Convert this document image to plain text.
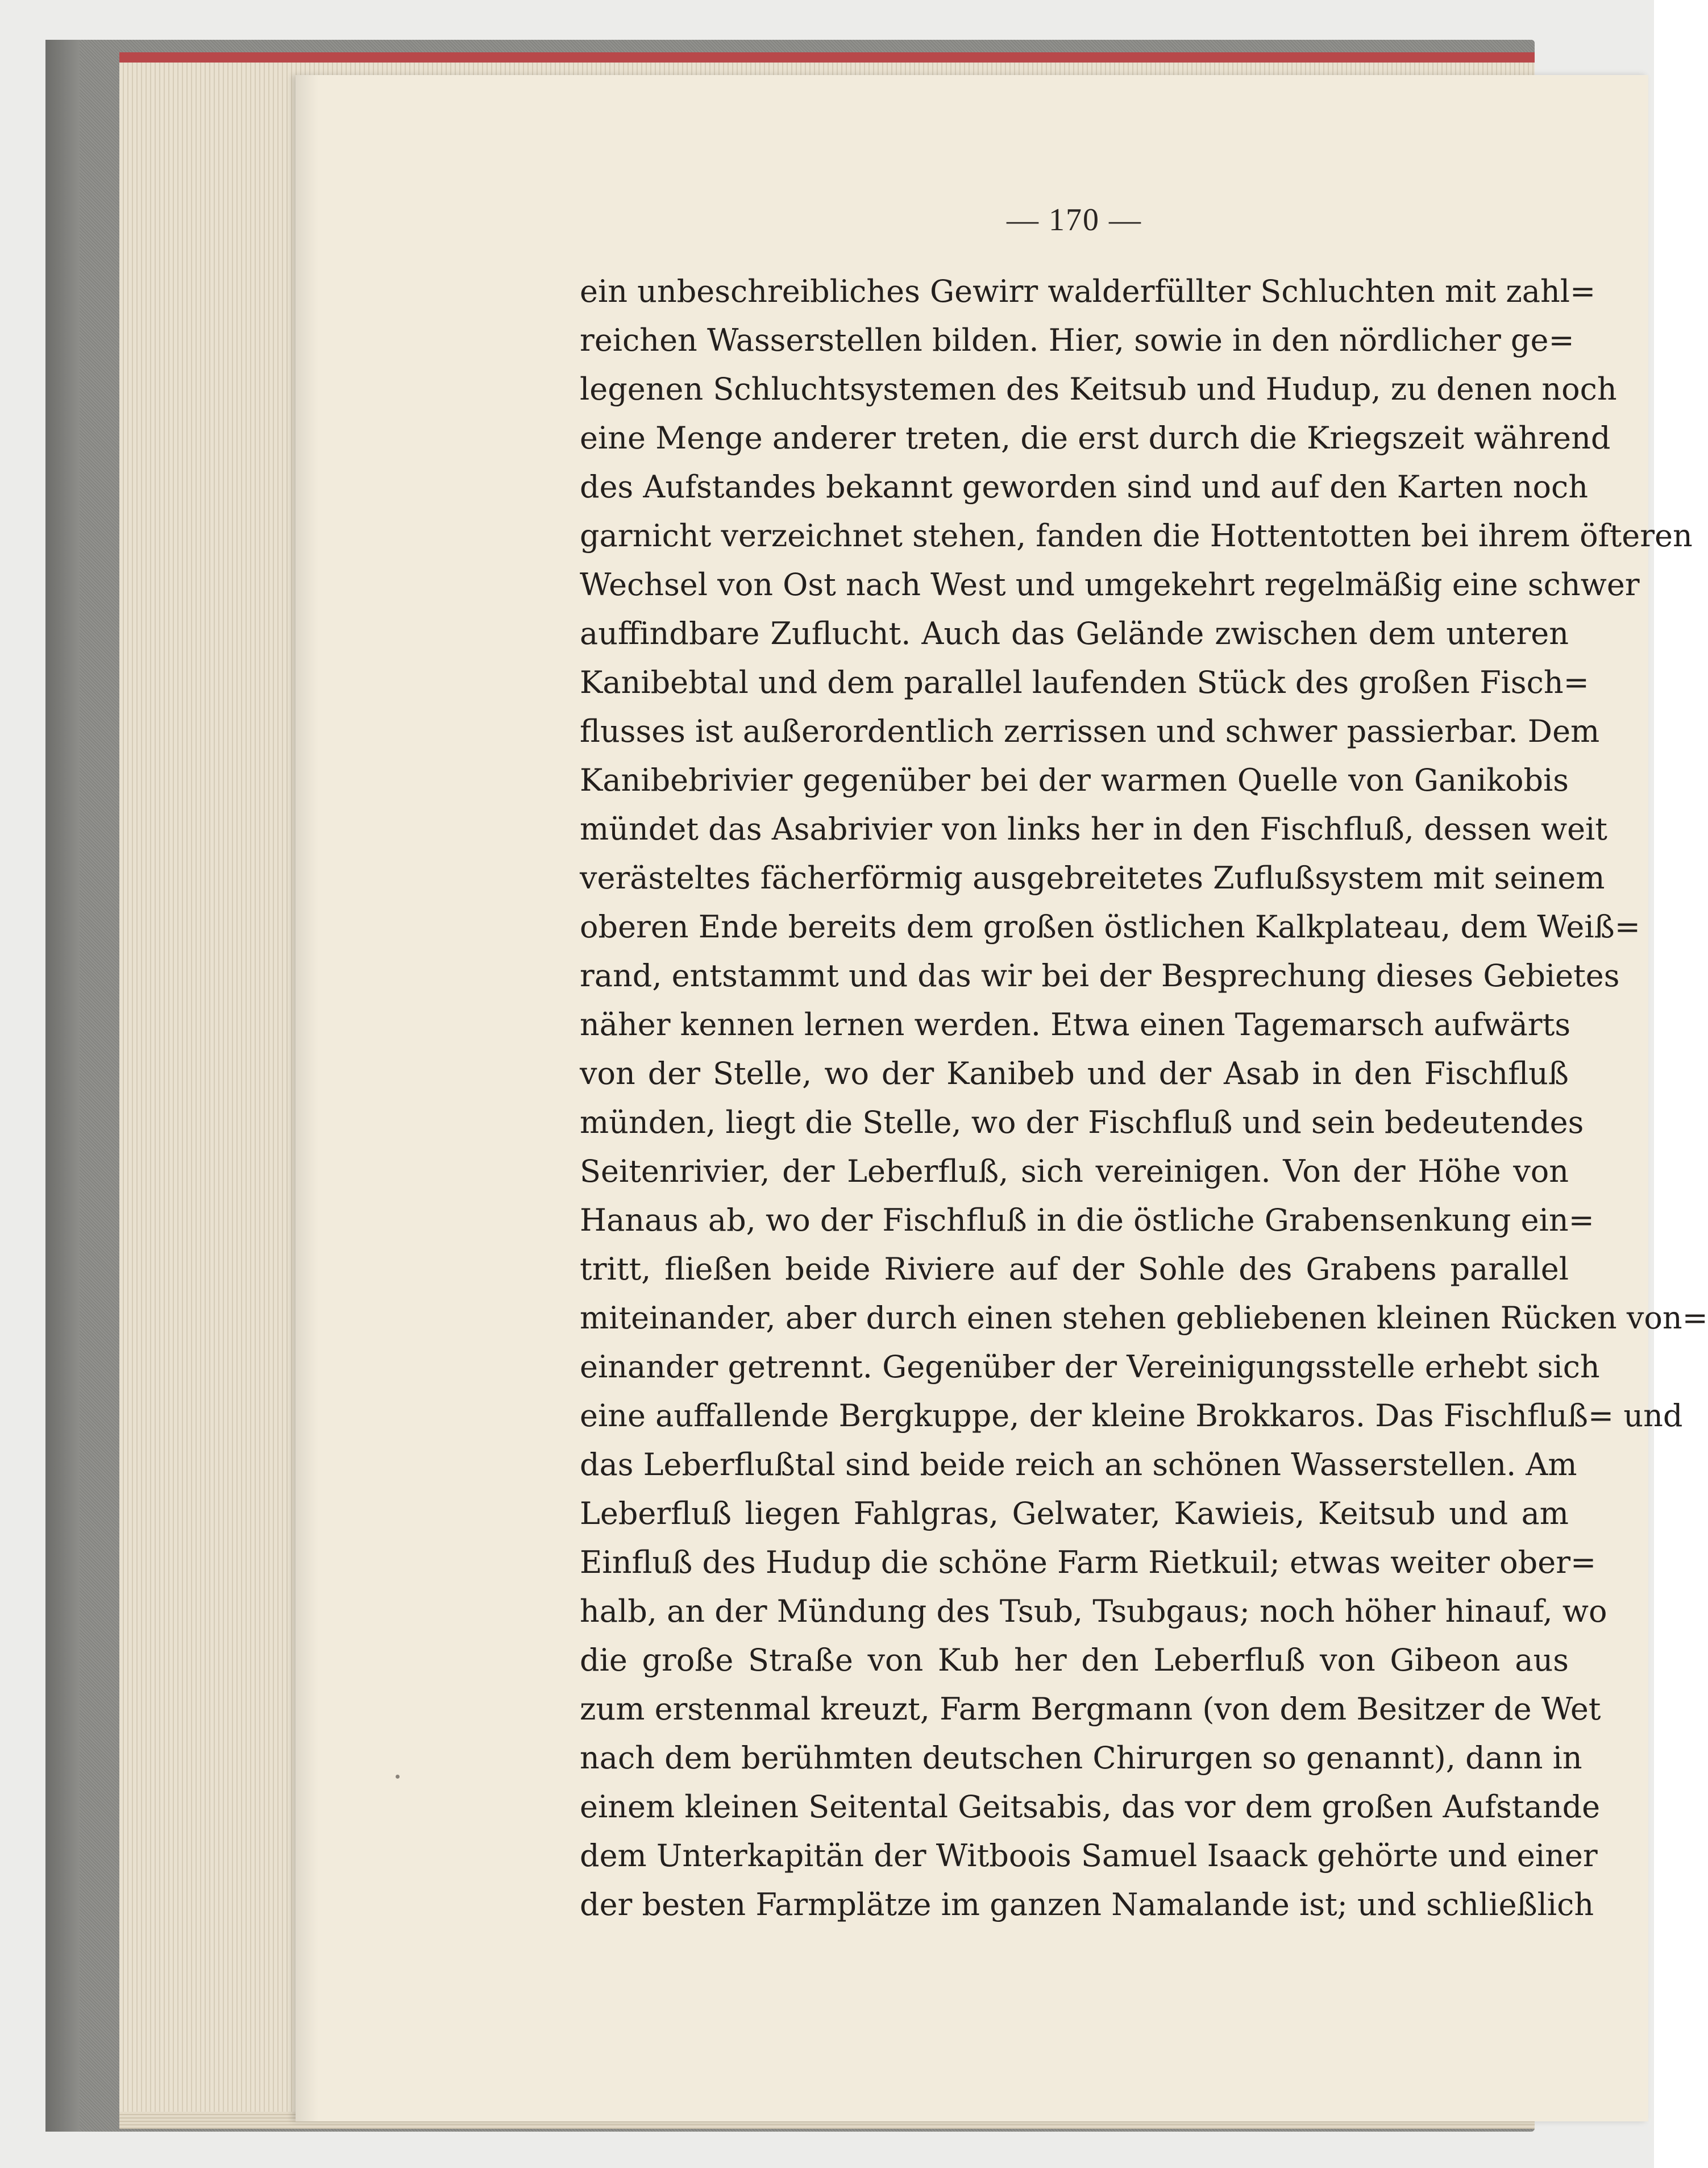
— 170 —
ein unbeschreibliches Gewirr walderfüllter Schluchten mit zahl=
reichen Wasserstellen bilden. Hier, sowie in den nördlicher ge=
legenen Schluchtsystemen des Keitsub und Hudup, zu denen noch
eine Menge anderer treten, die erst durch die Kriegszeit während
des Aufstandes bekannt geworden sind und auf den Karten noch
garnicht verzeichnet stehen, fanden die Hottentotten bei ihrem öfteren
Wechsel von Ost nach West und umgekehrt regelmäßig eine schwer
auffindbare Zuflucht. Auch das Gelände zwischen dem unteren
Kanibebtal und dem parallel laufenden Stück des großen Fisch=
flusses ist außerordentlich zerrissen und schwer passierbar. Dem
Kanibebrivier gegenüber bei der warmen Quelle von Ganikobis
mündet das Asabrivier von links her in den Fischfluß, dessen weit
verästeltes fächerförmig ausgebreitetes Zuflußsystem mit seinem
oberen Ende bereits dem großen östlichen Kalkplateau, dem Weiß=
rand, entstammt und das wir bei der Besprechung dieses Gebietes
näher kennen lernen werden. Etwa einen Tagemarsch aufwärts
von der Stelle, wo der Kanibeb und der Asab in den Fischfluß
münden, liegt die Stelle, wo der Fischfluß und sein bedeutendes
Seitenrivier, der Leberfluß, sich vereinigen. Von der Höhe von
Hanaus ab, wo der Fischfluß in die östliche Grabensenkung ein=
tritt, fließen beide Riviere auf der Sohle des Grabens parallel
miteinander, aber durch einen stehen gebliebenen kleinen Rücken von=
einander getrennt. Gegenüber der Vereinigungsstelle erhebt sich
eine auffallende Bergkuppe, der kleine Brokkaros. Das Fischfluß= und
das Leberflußtal sind beide reich an schönen Wasserstellen. Am
Leberfluß liegen Fahlgras, Gelwater, Kawieis, Keitsub und am
Einfluß des Hudup die schöne Farm Rietkuil; etwas weiter ober=
halb, an der Mündung des Tsub, Tsubgaus; noch höher hinauf, wo
die große Straße von Kub her den Leberfluß von Gibeon aus
zum erstenmal kreuzt, Farm Bergmann (von dem Besitzer de Wet
nach dem berühmten deutschen Chirurgen so genannt), dann in
einem kleinen Seitental Geitsabis, das vor dem großen Aufstande
dem Unterkapitän der Witboois Samuel Isaack gehörte und einer
der besten Farmplätze im ganzen Namalande ist; und schließlich
